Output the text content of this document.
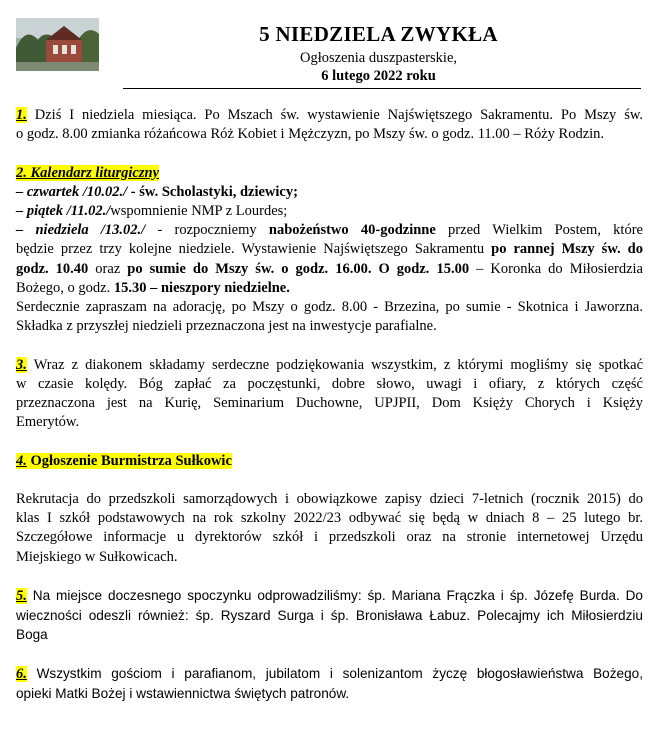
5 NIEDZIELA ZWYKŁA
Ogłoszenia duszpasterskie,
6 lutego 2022 roku

1. Dziś I niedziela miesiąca. Po Mszach św. wystawienie Najświętszego Sakramentu. Po Mszy św.

o godz. 8.00 zmianka różańcowa Róż Kobiet i Mężczyzn, po Mszy św. o godz. 11.00 – Róży Rodzin.

2. Kalendarz liturgiczny

– czwartek /10.02./ - św. Scholastyki, dziewicy;

– piątek /11.02./wspomnienie NMP z Lourdes;

– niedziela /13.02./ - rozpoczniemy nabożeństwo 40-godzinne przed Wielkim Postem, które

będzie przez trzy kolejne niedziele. Wystawienie Najświętszego Sakramentu po rannej Mszy św. do

godz. 10.40 oraz po sumie do Mszy św. o godz. 16.00. O godz. 15.00 – Koronka do Miłosierdzia

Bożego, o godz. 15.30 – nieszpory niedzielne.

Serdecznie zapraszam na adorację, po Mszy o godz. 8.00 - Brzezina, po sumie - Skotnica i Jaworzna.

Składka z przyszłej niedzieli przeznaczona jest na inwestycje parafialne.

3. Wraz z diakonem składamy serdeczne podziękowania wszystkim, z którymi mogliśmy się spotkać

w czasie kolędy. Bóg zapłać za poczęstunki, dobre słowo, uwagi i ofiary, z których część

przeznaczona jest na Kurię, Seminarium Duchowne, UPJPII, Dom Księży Chorych i Księży

Emerytów.

4. Ogłoszenie Burmistrza Sułkowic

Rekrutacja do przedszkoli samorządowych i obowiązkowe zapisy dzieci 7-letnich (rocznik 2015) do

klas I szkół podstawowych na rok szkolny 2022/23 odbywać się będą w dniach 8 – 25 lutego br.

Szczegółowe informacje u dyrektorów szkół i przedszkoli oraz na stronie internetowej Urzędu

Miejskiego w Sułkowicach.

5. Na miejsce doczesnego spoczynku odprowadziliśmy: śp. Mariana Frączka i śp. Józefę Burda. Do

wieczności odeszli również: śp. Ryszard Surga i śp. Bronisława Łabuz. Polecajmy ich Miłosierdziu

Boga

6. Wszystkim gościom i parafianom, jubilatom i solenizantom życzę błogosławieństwa Bożego,

opieki Matki Bożej i wstawiennictwa świętych patronów.
